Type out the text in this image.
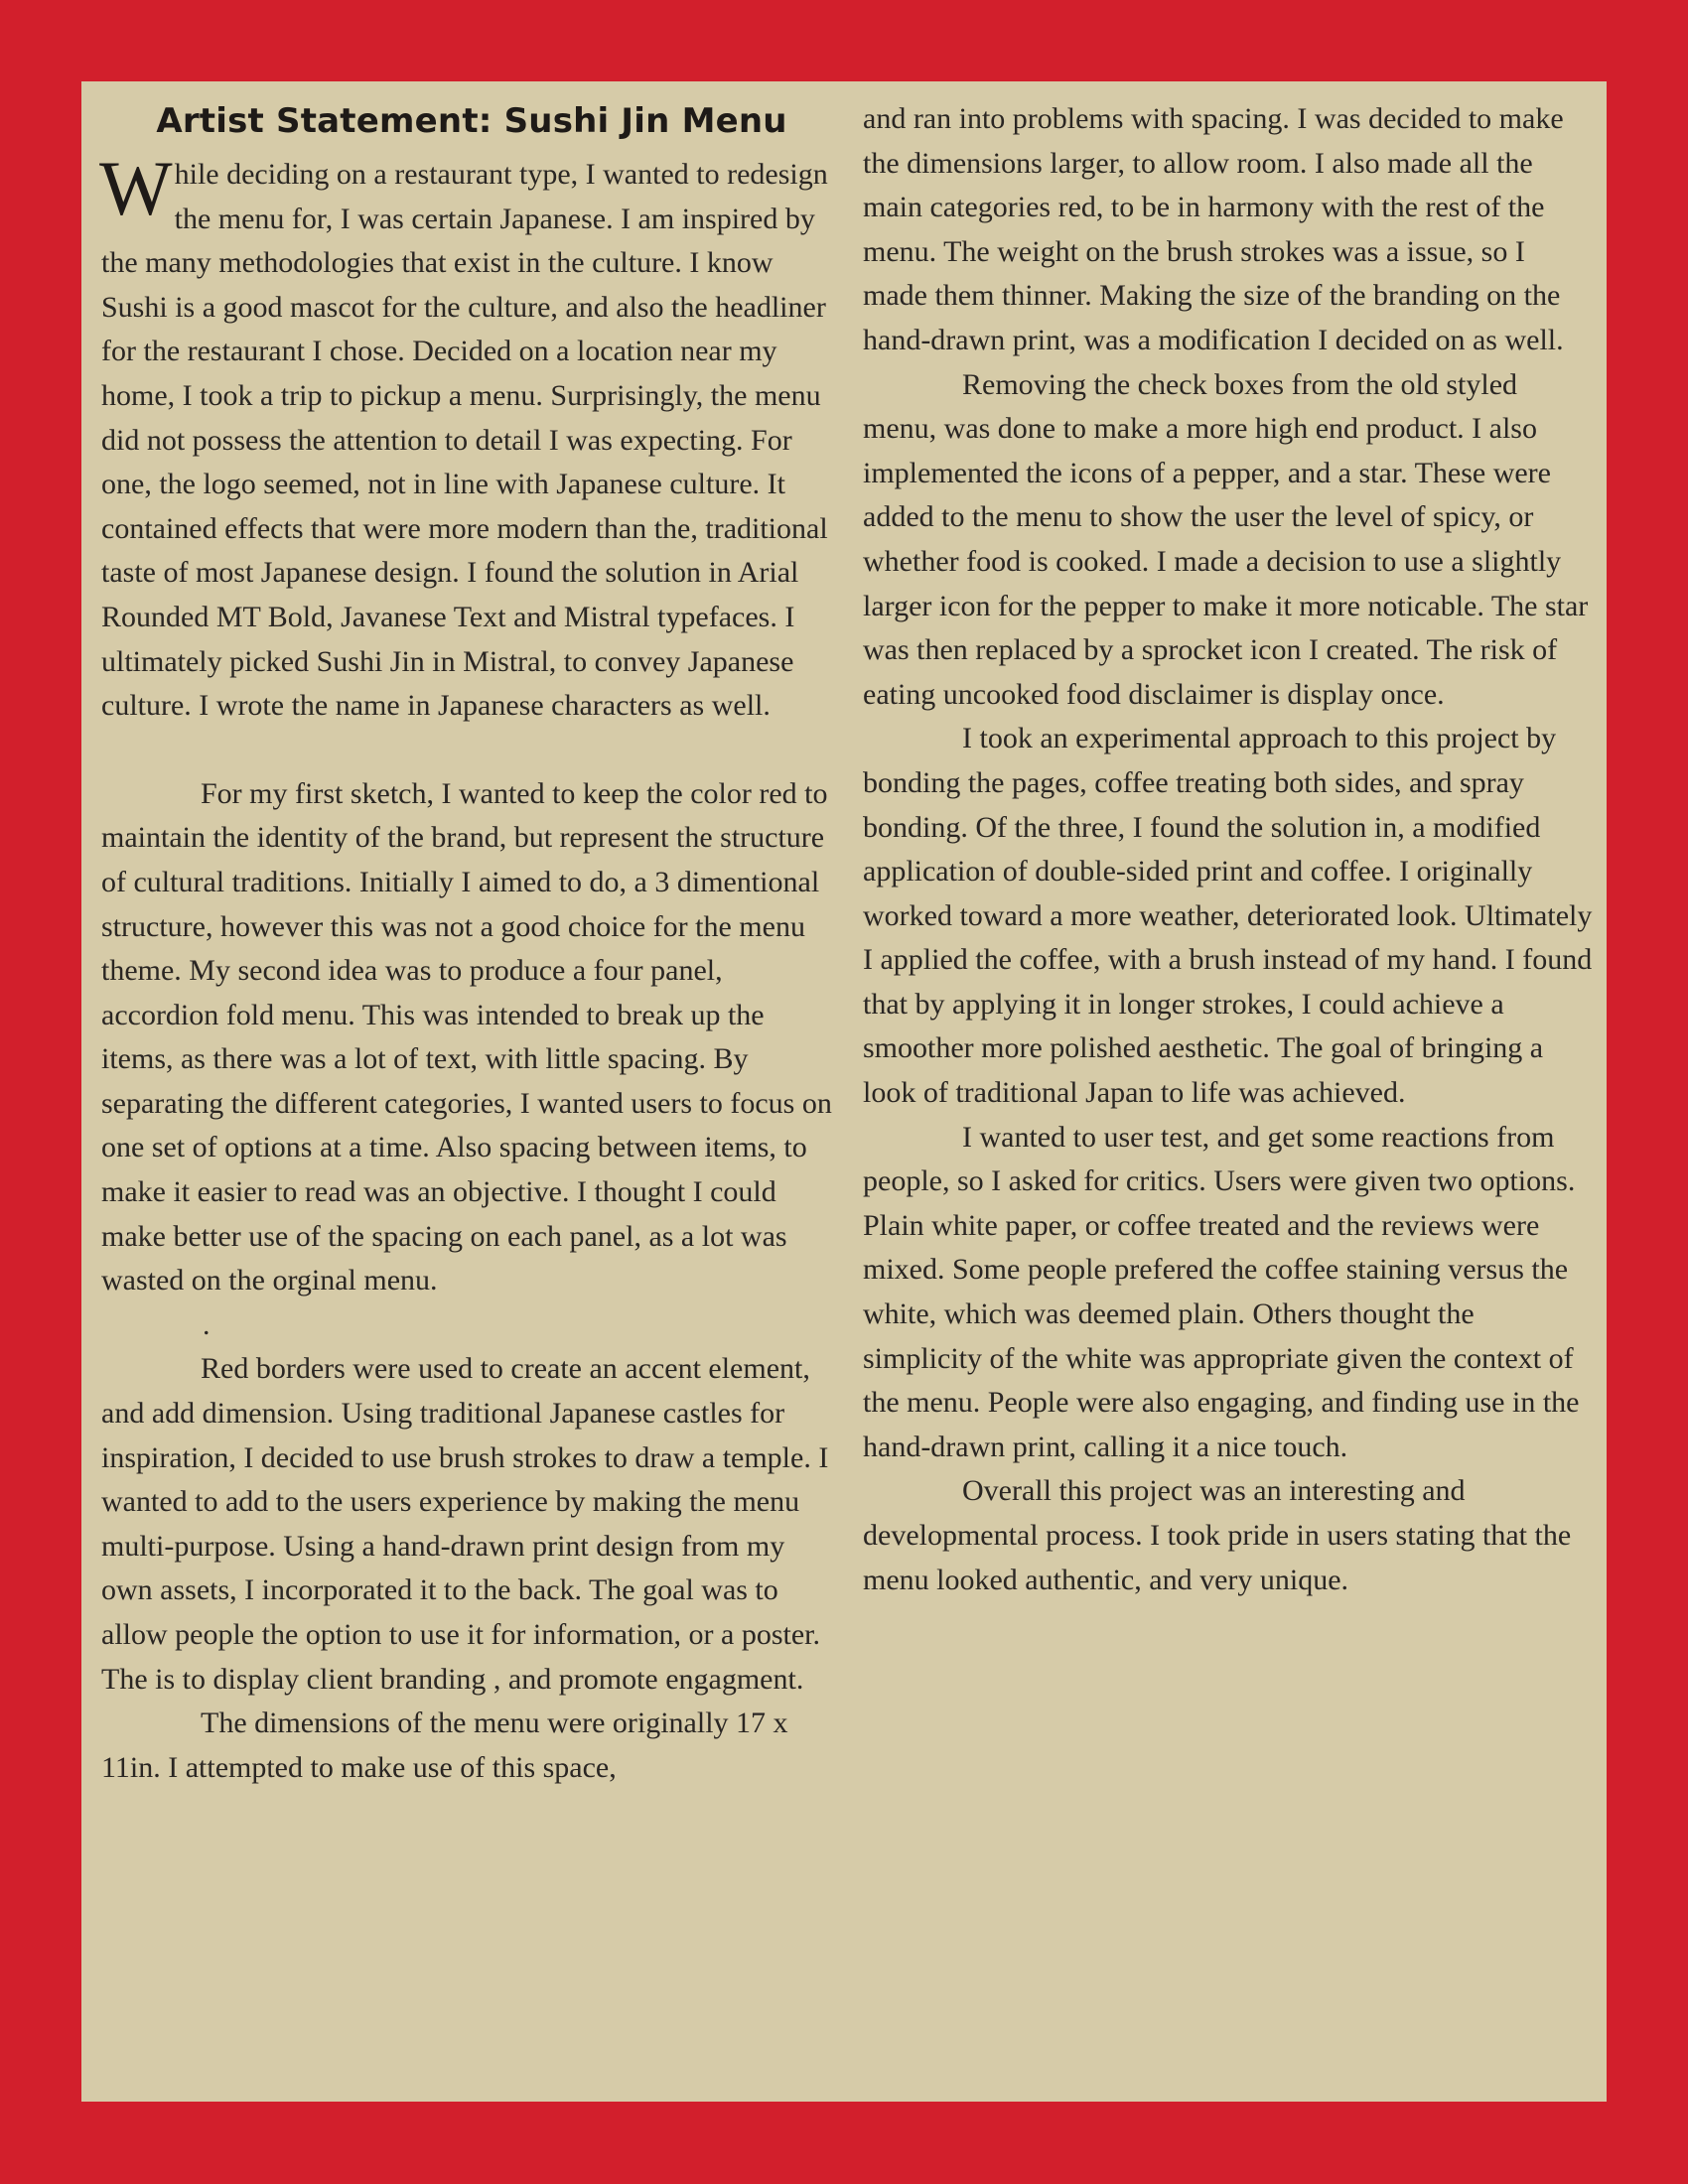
Artist Statement: Sushi Jin Menu

While deciding on a restaurant type, I wanted to redesign the menu for, I was certain Japanese. I am inspired by the many methodologies that exist in the culture. I know Sushi is a good mascot for the culture, and also the headliner for the restaurant I chose. Decided on a location near my home, I took a trip to pickup a menu. Surprisingly, the menu did not possess the attention to detail I was expecting. For one, the logo seemed, not in line with Japanese culture. It contained effects that were more modern than the, traditional taste of most Japanese design. I found the solution in Arial Rounded MT Bold, Javanese Text and Mistral typefaces. I ultimately picked Sushi Jin in Mistral, to convey Japanese culture. I wrote the name in Japanese characters as well.

For my first sketch, I wanted to keep the color red to maintain the identity of the brand, but represent the structure of cultural traditions. Initially I aimed to do, a 3 dimentional structure, however this was not a good choice for the menu theme. My second idea was to produce a four panel, accordion fold menu. This was intended to break up the items, as there was a lot of text, with little spacing. By separating the different categories, I wanted users to focus on one set of options at a time. Also spacing between items, to make it easier to read was an objective. I thought I could make better use of the spacing on each panel, as a lot was wasted on the orginal menu.

.

Red borders were used to create an accent element, and add dimension. Using traditional Japanese castles for inspiration, I decided to use brush strokes to draw a temple. I wanted to add to the users experience by making the menu multi-purpose. Using a hand-drawn print design from my own assets, I incorporated it to the back. The goal was to allow people the option to use it for information, or a poster. The is to display client branding , and promote engagment.

The dimensions of the menu were originally 17 x 11in. I attempted to make use of this space,

and ran into problems with spacing. I was decided to make the dimensions larger, to allow room. I also made all the main categories red, to be in harmony with the rest of the menu. The weight on the brush strokes was a issue, so I made them thinner. Making the size of the branding on the hand-drawn print, was a modification I decided on as well.

Removing the check boxes from the old styled menu, was done to make a more high end product. I also implemented the icons of a pepper, and a star. These were added to the menu to show the user the level of spicy, or whether food is cooked. I made a decision to use a slightly larger icon for the pepper to make it more noticable. The star was then replaced by a sprocket icon I created. The risk of eating uncooked food disclaimer is display once.

I took an experimental approach to this project by bonding the pages, coffee treating both sides, and spray bonding. Of the three, I found the solution in, a modified application of double-sided print and coffee. I originally worked toward a more weather, deteriorated look. Ultimately I applied the coffee, with a brush instead of my hand. I found that by applying it in longer strokes, I could achieve a smoother more polished aesthetic. The goal of bringing a look of traditional Japan to life was achieved.

I wanted to user test, and get some reactions from people, so I asked for critics. Users were given two options. Plain white paper, or coffee treated and the reviews were mixed. Some people prefered the coffee staining versus the white, which was deemed plain. Others thought the simplicity of the white was appropriate given the context of the menu. People were also engaging, and finding use in the hand-drawn print, calling it a nice touch.

Overall this project was an interesting and developmental process. I took pride in users stating that the menu looked authentic, and very unique.
